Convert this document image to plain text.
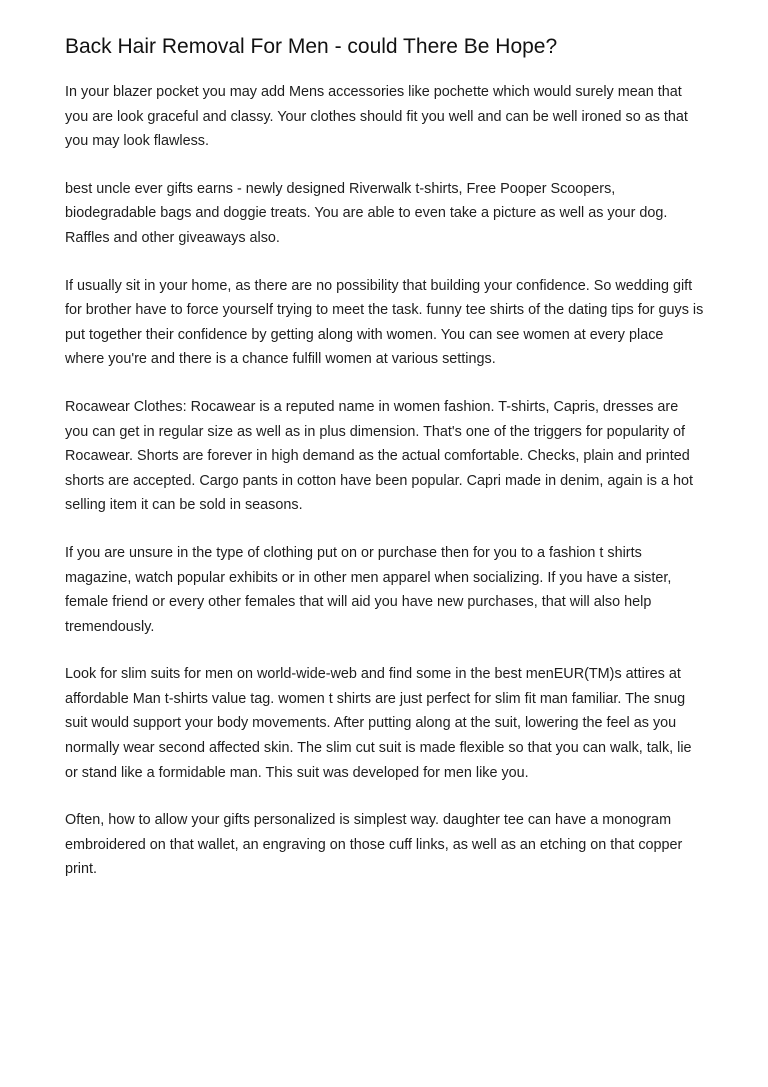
Back Hair Removal For Men - could There Be Hope?

In your blazer pocket you may add Mens accessories like pochette which would surely mean that you are look graceful and classy. Your clothes should fit you well and can be well ironed so as that you may look flawless.

best uncle ever gifts earns - newly designed Riverwalk t-shirts, Free Pooper Scoopers, biodegradable bags and doggie treats. You are able to even take a picture as well as your dog. Raffles and other giveaways also.

If usually sit in your home, as there are no possibility that building your confidence. So wedding gift for brother have to force yourself trying to meet the task. funny tee shirts of the dating tips for guys is put together their confidence by getting along with women. You can see women at every place where you're and there is a chance fulfill women at various settings.

Rocawear Clothes: Rocawear is a reputed name in women fashion. T-shirts, Capris, dresses are you can get in regular size as well as in plus dimension. That's one of the triggers for popularity of Rocawear. Shorts are forever in high demand as the actual comfortable. Checks, plain and printed shorts are accepted. Cargo pants in cotton have been popular. Capri made in denim, again is a hot selling item it can be sold in seasons.

If you are unsure in the type of clothing put on or purchase then for you to a fashion t shirts magazine, watch popular exhibits or in other men apparel when socializing. If you have a sister, female friend or every other females that will aid you have new purchases, that will also help tremendously.

Look for slim suits for men on world-wide-web and find some in the best menEUR(TM)s attires at affordable Man t-shirts value tag. women t shirts are just perfect for slim fit man familiar. The snug suit would support your body movements. After putting along at the suit, lowering the feel as you normally wear second affected skin. The slim cut suit is made flexible so that you can walk, talk, lie or stand like a formidable man. This suit was developed for men like you.

Often, how to allow your gifts personalized is simplest way. daughter tee can have a monogram embroidered on that wallet, an engraving on those cuff links, as well as an etching on that copper print.
